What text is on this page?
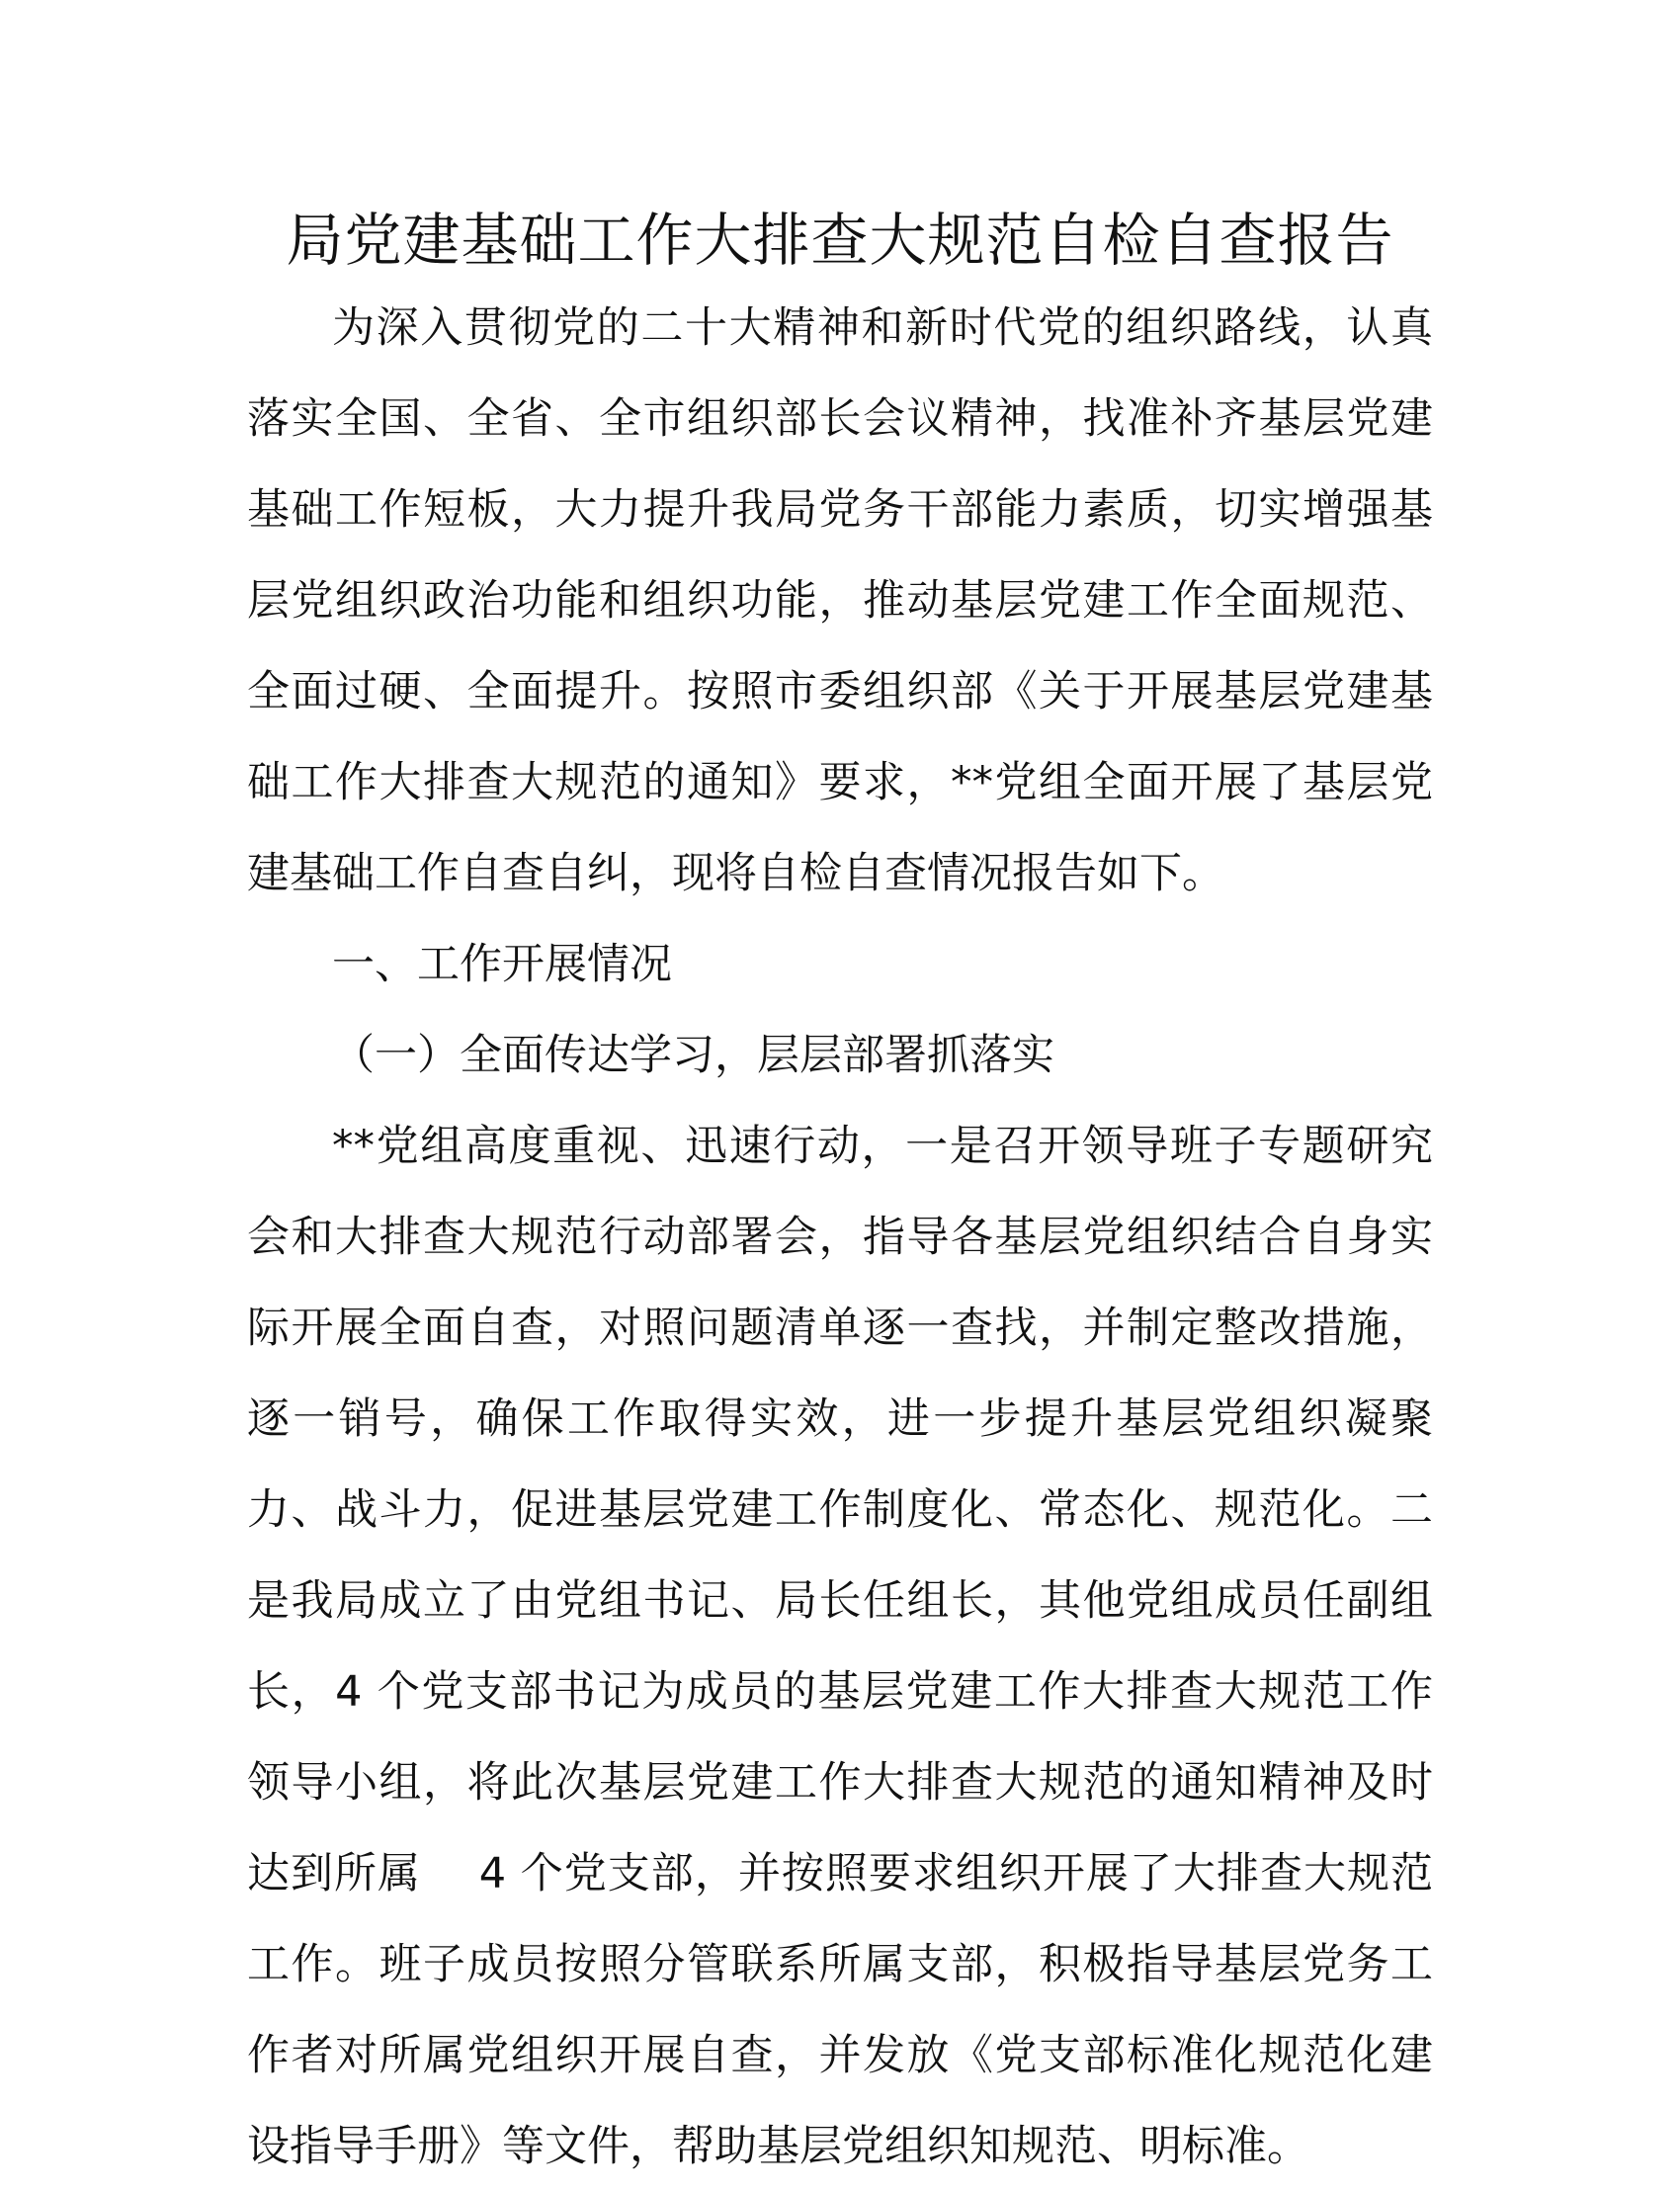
局党建基础工作大排查大规范自检自查报告

为深入贯彻党的二十大精神和新时代党的组织路线，认真落实全国、全省、全市组织部长会议精神，找准补齐基层党建基础工作短板，大力提升我局党务干部能力素质，切实增强基层党组织政治功能和组织功能，推动基层党建工作全面规范、全面过硬、全面提升。按照市委组织部《关于开展基层党建基础工作大排查大规范的通知》要求，**党组全面开展了基层党建基础工作自查自纠，现将自检自查情况报告如下。

一、工作开展情况

（一）全面传达学习，层层部署抓落实

**党组高度重视、迅速行动，一是召开领导班子专题研究会和大排查大规范行动部署会，指导各基层党组织结合自身实际开展全面自查，对照问题清单逐一查找，并制定整改措施，逐一销号，确保工作取得实效，进一步提升基层党组织凝聚力、战斗力，促进基层党建工作制度化、常态化、规范化。二是我局成立了由党组书记、局长任组长，其他党组成员任副组长，4 个党支部书记为成员的基层党建工作大排查大规范工作领导小组，将此次基层党建工作大排查大规范的通知精神及时达到所属　 4 个党支部，并按照要求组织开展了大排查大规范工作。班子成员按照分管联系所属支部，积极指导基层党务工作者对所属党组织开展自查，并发放《党支部标准化规范化建设指导手册》等文件，帮助基层党组织知规范、明标准。
